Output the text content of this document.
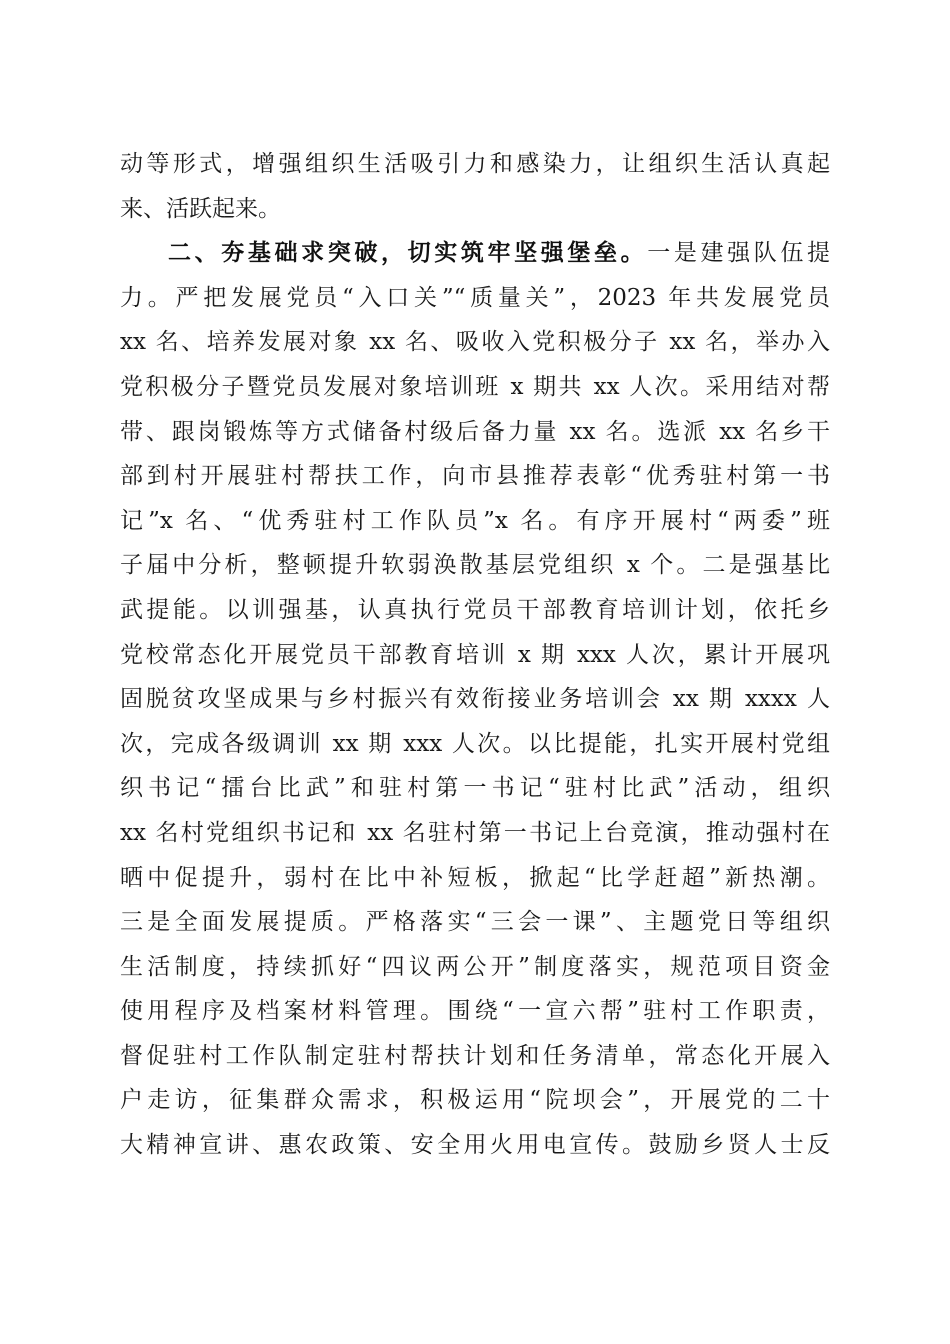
动等形式，增强组织生活吸引力和感染力，让组织生活认真起
来、活跃起来。
二、夯基础求突破，切实筑牢坚强堡垒。一是建强队伍提
力。严把发展党员“入口关”“质量关”，2023 年共发展党员
xx 名、培养发展对象 xx 名、吸收入党积极分子 xx 名，举办入
党积极分子暨党员发展对象培训班 x 期共 xx 人次。采用结对帮
带、跟岗锻炼等方式储备村级后备力量 xx 名。选派 xx 名乡干
部到村开展驻村帮扶工作，向市县推荐表彰“优秀驻村第一书
记”x 名、“优秀驻村工作队员”x 名。有序开展村“两委”班
子届中分析，整顿提升软弱涣散基层党组织 x 个。二是强基比
武提能。以训强基，认真执行党员干部教育培训计划，依托乡
党校常态化开展党员干部教育培训 x 期 xxx 人次，累计开展巩
固脱贫攻坚成果与乡村振兴有效衔接业务培训会 xx 期 xxxx 人
次，完成各级调训 xx 期 xxx 人次。以比提能，扎实开展村党组
织书记“擂台比武”和驻村第一书记“驻村比武”活动，组织
xx 名村党组织书记和 xx 名驻村第一书记上台竞演，推动强村在
晒中促提升，弱村在比中补短板，掀起“比学赶超”新热潮。
三是全面发展提质。严格落实“三会一课”、主题党日等组织
生活制度，持续抓好“四议两公开”制度落实，规范项目资金
使用程序及档案材料管理。围绕“一宣六帮”驻村工作职责，
督促驻村工作队制定驻村帮扶计划和任务清单，常态化开展入
户走访，征集群众需求，积极运用“院坝会”，开展党的二十
大精神宣讲、惠农政策、安全用火用电宣传。鼓励乡贤人士反
